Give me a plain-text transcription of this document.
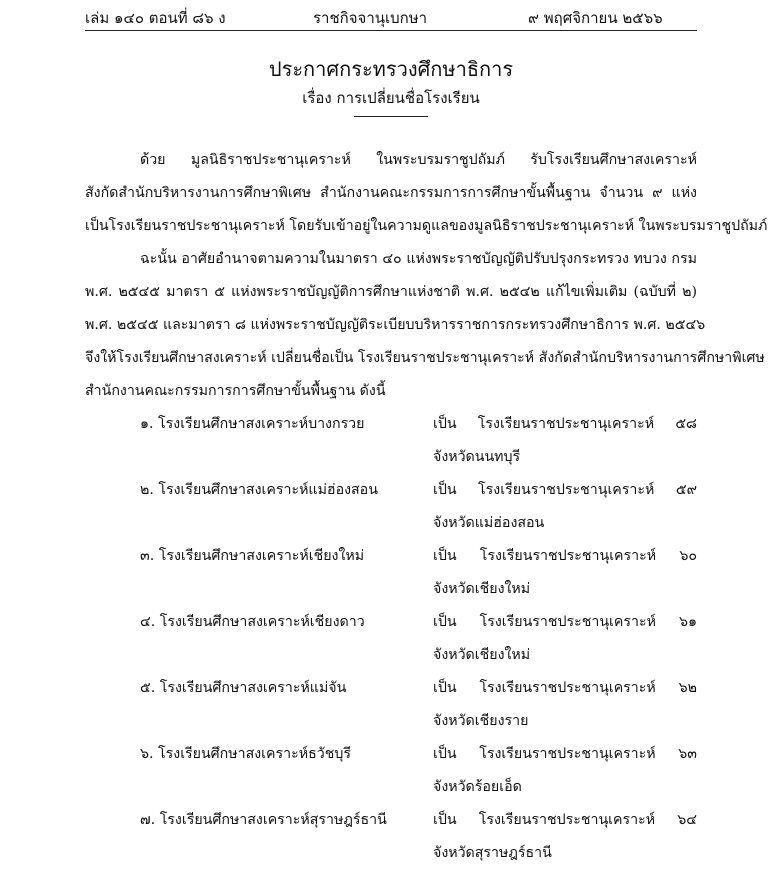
เล่ม ๑๔๐ ตอนที่ ๘๖ ง	ราชกิจจานุเบกษา	๙ พฤศจิกายน ๒๕๖๖
ประกาศกระทรวงศึกษาธิการ
เรื่อง การเปลี่ยนชื่อโรงเรียน
ด้วย มูลนิธิราชประชานุเคราะห์ ในพระบรมราชูปถัมภ์ รับโรงเรียนศึกษาสงเคราะห์
สังกัดสำนักบริหารงานการศึกษาพิเศษ สำนักงานคณะกรรมการการศึกษาขั้นพื้นฐาน จำนวน ๙ แห่ง
เป็นโรงเรียนราชประชานุเคราะห์ โดยรับเข้าอยู่ในความดูแลของมูลนิธิราชประชานุเคราะห์ ในพระบรมราชูปถัมภ์
ฉะนั้น อาศัยอำนาจตามความในมาตรา ๔๐ แห่งพระราชบัญญัติปรับปรุงกระทรวง ทบวง กรม
พ.ศ. ๒๕๔๕ มาตรา ๕ แห่งพระราชบัญญัติการศึกษาแห่งชาติ พ.ศ. ๒๕๔๒ แก้ไขเพิ่มเติม (ฉบับที่ ๒)
พ.ศ. ๒๕๔๕ และมาตรา ๘ แห่งพระราชบัญญัติระเบียบบริหารราชการกระทรวงศึกษาธิการ พ.ศ. ๒๕๔๖
จึงให้โรงเรียนศึกษาสงเคราะห์ เปลี่ยนชื่อเป็น โรงเรียนราชประชานุเคราะห์ สังกัดสำนักบริหารงานการศึกษาพิเศษ
สำนักงานคณะกรรมการการศึกษาขั้นพื้นฐาน ดังนี้
๑. โรงเรียนศึกษาสงเคราะห์บางกรวย	เป็น โรงเรียนราชประชานุเคราะห์ ๕๘
จังหวัดนนทบุรี
๒. โรงเรียนศึกษาสงเคราะห์แม่ฮ่องสอน	เป็น โรงเรียนราชประชานุเคราะห์ ๕๙
จังหวัดแม่ฮ่องสอน
๓. โรงเรียนศึกษาสงเคราะห์เชียงใหม่	เป็น โรงเรียนราชประชานุเคราะห์ ๖๐
จังหวัดเชียงใหม่
๔. โรงเรียนศึกษาสงเคราะห์เชียงดาว	เป็น โรงเรียนราชประชานุเคราะห์ ๖๑
จังหวัดเชียงใหม่
๕. โรงเรียนศึกษาสงเคราะห์แม่จัน	เป็น โรงเรียนราชประชานุเคราะห์ ๖๒
จังหวัดเชียงราย
๖. โรงเรียนศึกษาสงเคราะห์ธวัชบุรี	เป็น โรงเรียนราชประชานุเคราะห์ ๖๓
จังหวัดร้อยเอ็ด
๗. โรงเรียนศึกษาสงเคราะห์สุราษฎร์ธานี	เป็น โรงเรียนราชประชานุเคราะห์ ๖๔
จังหวัดสุราษฎร์ธานี
